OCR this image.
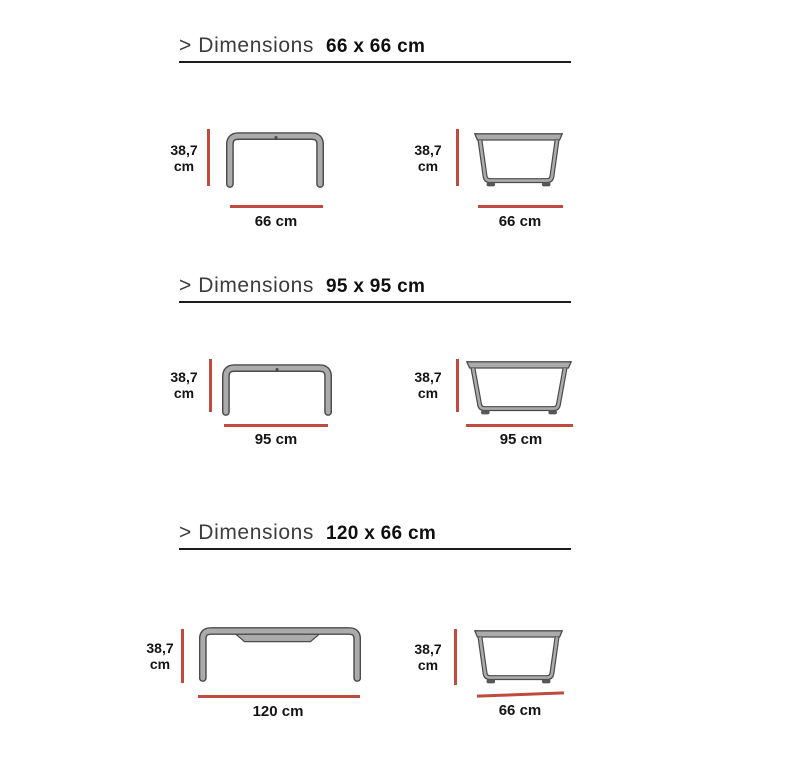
> Dimensions 66 x 66 cm
38,7
cm
66 cm
38,7
cm
66 cm
> Dimensions 95 x 95 cm
38,7
cm
95 cm
38,7
cm
95 cm
> Dimensions 120 x 66 cm
38,7
cm
120 cm
38,7
cm
66 cm
